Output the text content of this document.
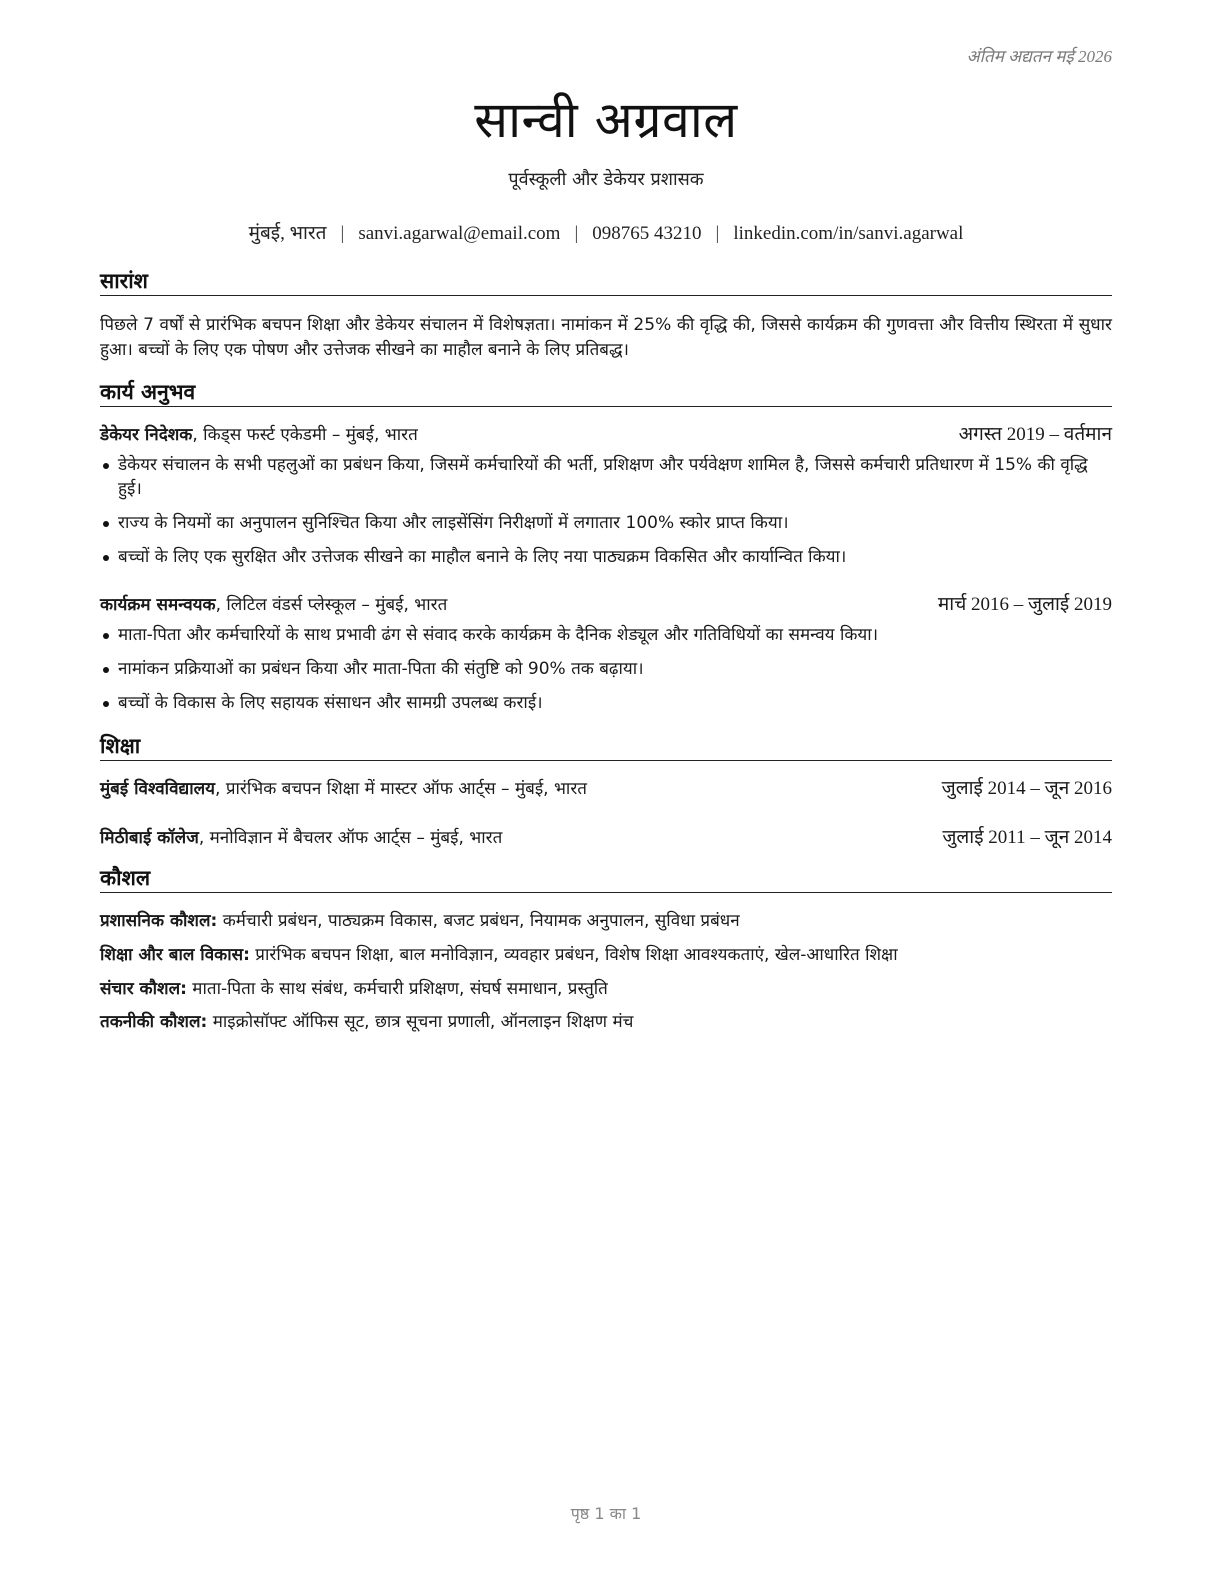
अंतिम अद्यतन मई 2026
सान्वी अग्रवाल
पूर्वस्कूली और डेकेयर प्रशासक
मुंबई, भारत | sanvi.agarwal@email.com | 098765 43210 | linkedin.com/in/sanvi.agarwal
सारांश
पिछले 7 वर्षों से प्रारंभिक बचपन शिक्षा और डेकेयर संचालन में विशेषज्ञता। नामांकन में 25% की वृद्धि की, जिससे कार्यक्रम की गुणवत्ता और वित्तीय स्थिरता में सुधार हुआ। बच्चों के लिए एक पोषण और उत्तेजक सीखने का माहौल बनाने के लिए प्रतिबद्ध।
कार्य अनुभव
डेकेयर निदेशक, किड्स फर्स्ट एकेडमी – मुंबई, भारत	अगस्त 2019 – वर्तमान
डेकेयर संचालन के सभी पहलुओं का प्रबंधन किया, जिसमें कर्मचारियों की भर्ती, प्रशिक्षण और पर्यवेक्षण शामिल है, जिससे कर्मचारी प्रतिधारण में 15% की वृद्धि हुई।
राज्य के नियमों का अनुपालन सुनिश्चित किया और लाइसेंसिंग निरीक्षणों में लगातार 100% स्कोर प्राप्त किया।
बच्चों के लिए एक सुरक्षित और उत्तेजक सीखने का माहौल बनाने के लिए नया पाठ्यक्रम विकसित और कार्यान्वित किया।
कार्यक्रम समन्वयक, लिटिल वंडर्स प्लेस्कूल – मुंबई, भारत	मार्च 2016 – जुलाई 2019
माता-पिता और कर्मचारियों के साथ प्रभावी ढंग से संवाद करके कार्यक्रम के दैनिक शेड्यूल और गतिविधियों का समन्वय किया।
नामांकन प्रक्रियाओं का प्रबंधन किया और माता-पिता की संतुष्टि को 90% तक बढ़ाया।
बच्चों के विकास के लिए सहायक संसाधन और सामग्री उपलब्ध कराई।
शिक्षा
मुंबई विश्वविद्यालय, प्रारंभिक बचपन शिक्षा में मास्टर ऑफ आर्ट्स – मुंबई, भारत	जुलाई 2014 – जून 2016
मिठीबाई कॉलेज, मनोविज्ञान में बैचलर ऑफ आर्ट्स – मुंबई, भारत	जुलाई 2011 – जून 2014
कौशल
प्रशासनिक कौशल: कर्मचारी प्रबंधन, पाठ्यक्रम विकास, बजट प्रबंधन, नियामक अनुपालन, सुविधा प्रबंधन
शिक्षा और बाल विकास: प्रारंभिक बचपन शिक्षा, बाल मनोविज्ञान, व्यवहार प्रबंधन, विशेष शिक्षा आवश्यकताएं, खेल-आधारित शिक्षा
संचार कौशल: माता-पिता के साथ संबंध, कर्मचारी प्रशिक्षण, संघर्ष समाधान, प्रस्तुति
तकनीकी कौशल: माइक्रोसॉफ्ट ऑफिस सूट, छात्र सूचना प्रणाली, ऑनलाइन शिक्षण मंच
पृष्ठ 1 का 1
